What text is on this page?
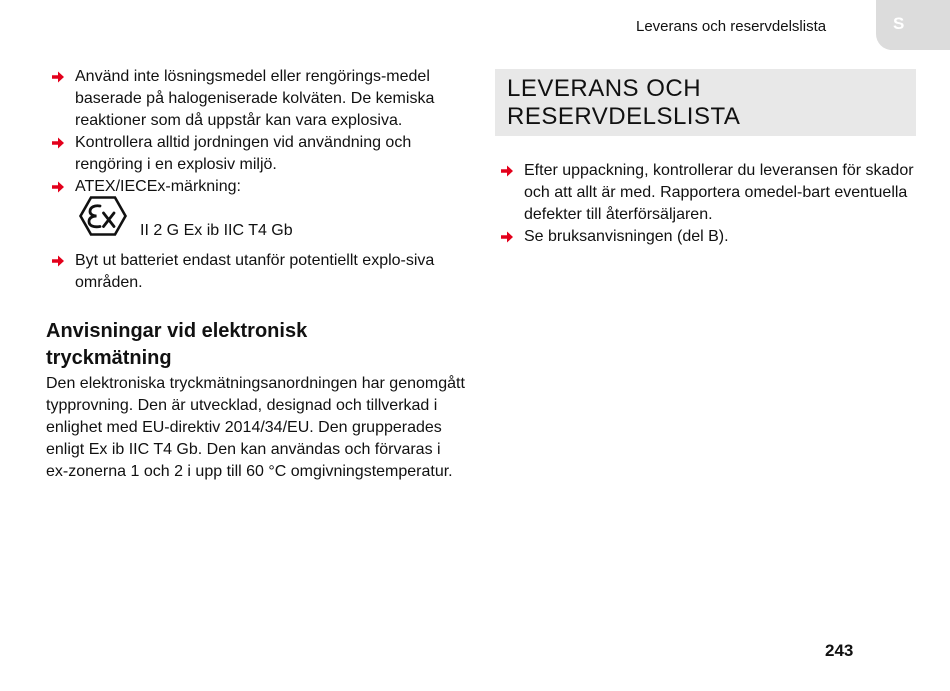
Leverans och reservdelslista	S
Använd inte lösningsmedel eller rengörings-medel baserade på halogeniserade kolväten. De kemiska reaktioner som då uppstår kan vara explosiva.
Kontrollera alltid jordningen vid användning och rengöring i en explosiv miljö.
ATEX/IECEx-märkning:
II 2 G Ex ib IIC T4 Gb
Byt ut batteriet endast utanför potentiellt explo-siva områden.
Anvisningar vid elektronisk tryckmätning
Den elektroniska tryckmätningsanordningen har genomgått typprovning. Den är utvecklad, designad och tillverkad i enlighet med EU-direktiv 2014/34/EU. Den grupperades enligt Ex ib IIC T4 Gb. Den kan användas och förvaras i ex-zonerna 1 och 2 i upp till 60 °C omgivningstemperatur.
LEVERANS OCH RESERVDELSLISTA
Efter uppackning, kontrollerar du leveransen för skador och att allt är med. Rapportera omedel-bart eventuella defekter till återförsäljaren.
Se bruksanvisningen (del B).
243
